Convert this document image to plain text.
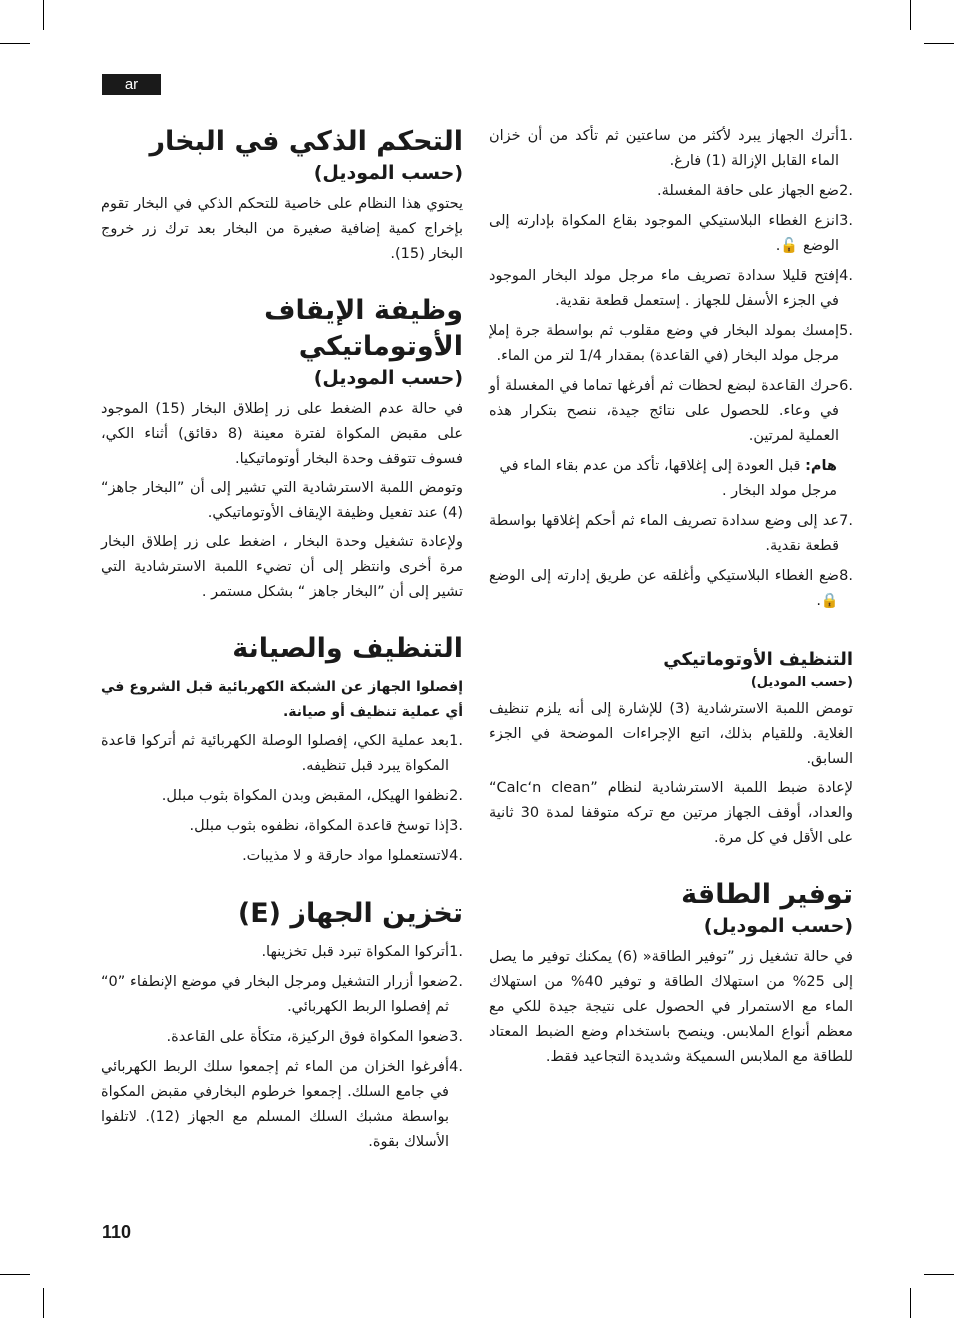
ar
110
.1
أترك الجهاز يبرد لأكثر من ساعتين ثم تأكد من أن خزان الماء القابل الإزالة (1) فارغ.
.2
ضع الجهاز على حافة المغسلة.
.3
انزع الغطاء البلاستيكي الموجود بقاع المكواة بإدارته إلى الوضع 🔓.
.4
إفتح قليلا سدادة تصريف ماء مرجل مولد البخار الموجود في الجزء الأسفل للجهاز . إستعمل قطعة نقدية.
.5
إمسك بمولد البخار في وضع مقلوب ثم بواسطة جرة إملإ مرجل مولد البخار (في القاعدة) بمقدار 1/4 لتر من الماء.
.6
حرك القاعدة لبضع لحظات ثم أفرغها تماما في المغسلة أو في وعاء. للحصول على نتائج جيدة، ننصح بتكرار هذه العملية لمرتين.
هام: قبل العودة إلى إغلاقها، تأكد من عدم بقاء الماء في مرجل مولد البخار .
.7
عد إلى وضع سدادة تصريف الماء ثم أحكم إغلاقها بواسطة قطعة نقدية.
.8
ضع الغطاء البلاستيكي وأغلقه عن طريق إدارته إلى الوضع 🔒.
التنظيف الأوتوماتيكي
(حسب الموديل)

تومض اللمبة الاسترشادية (3) للإشارة إلى أنه يلزم تنظيف الغلاية. وللقيام بذلك، اتبع الإجراءات الموضحة في الجزء السابق.

لإعادة ضبط اللمبة الاسترشادية لنظام ”Calc‘n clean“ والعداد، أوقف الجهاز مرتين مع تركه متوقفا لمدة 30 ثانية على الأقل في كل مرة.

توفير الطاقة
(حسب الموديل)

في حالة تشغيل زر ”توفير الطاقة« (6) يمكنك توفير ما يصل إلى 25% من استهلاك الطاقة و توفير 40% من استهلاك الماء مع الاستمرار في الحصول على نتيجة جيدة للكي مع معظم أنواع الملابس. وينصح باستخدام وضع الضبط المعتاد للطاقة مع الملابس السميكة وشديدة التجاعيد فقط.

التحكم الذكي في البخار
(حسب الموديل)

يحتوي هذا النظام على خاصية للتحكم الذكي في البخار تقوم بإخراج كمية إضافية صغيرة من البخار بعد ترك زر خروج البخار (15).

وظيفة الإيقاف الأوتوماتيكي
(حسب الموديل)

في حالة عدم الضغط على زر إطلاق البخار (15) الموجود على مقبض المكواة لفترة معينة (8 دقائق) أثناء الكي، فسوف تتوقف وحدة البخار أوتوماتيكيا.

وتومض اللمبة الاسترشادية التي تشير إلى أن ”البخار جاهز“ (4) عند تفعيل وظيفة الإيقاف الأوتوماتيكي.

ولإعادة تشغيل وحدة البخار ، اضغط على زر إطلاق البخار مرة أخرى وانتظر إلى أن تضيء اللمبة الاسترشادية التي تشير إلى أن ”البخار جاهز “ بشكل مستمر .

التنظيف والصيانة

إفصلوا الجهاز عن الشبكة الكهربائية قبل الشروع في أي عملية تنظيف أو صيانة.

.1
بعد عملية الكي، إفصلوا الوصلة الكهربائية ثم أتركوا قاعدة المكواة يبرد قبل تنظيفه.
.2
نظفوا الهيكل، المقبض وبدن المكواة بثوب مبلل.
.3
إذا توسخ قاعدة المكواة، نظفوه بثوب مبلل.
.4
لاتستعملوا مواد حارقة و لا مذيبات.
تخزين الجهاز (E)
.1
أتركوا المكواة تبرد قبل تخزينها.
.2
ضعوا أزرار التشغيل ومرجل البخار في موضع الإنطفاء ”0“ ثم إفصلوا الربط الكهربائي.
.3
ضعوا المكواة فوق الركيزة، متكأة على القاعدة.
.4
أفرغوا الخزان من الماء ثم إجمعوا سلك الربط الكهربائي في جامع السلك. إجمعوا خرطوم البخارفي مقبض المكواة بواسطة مشبك السلك المسلم مع الجهاز (12). لاتلفوا الأسلاك بقوة.
